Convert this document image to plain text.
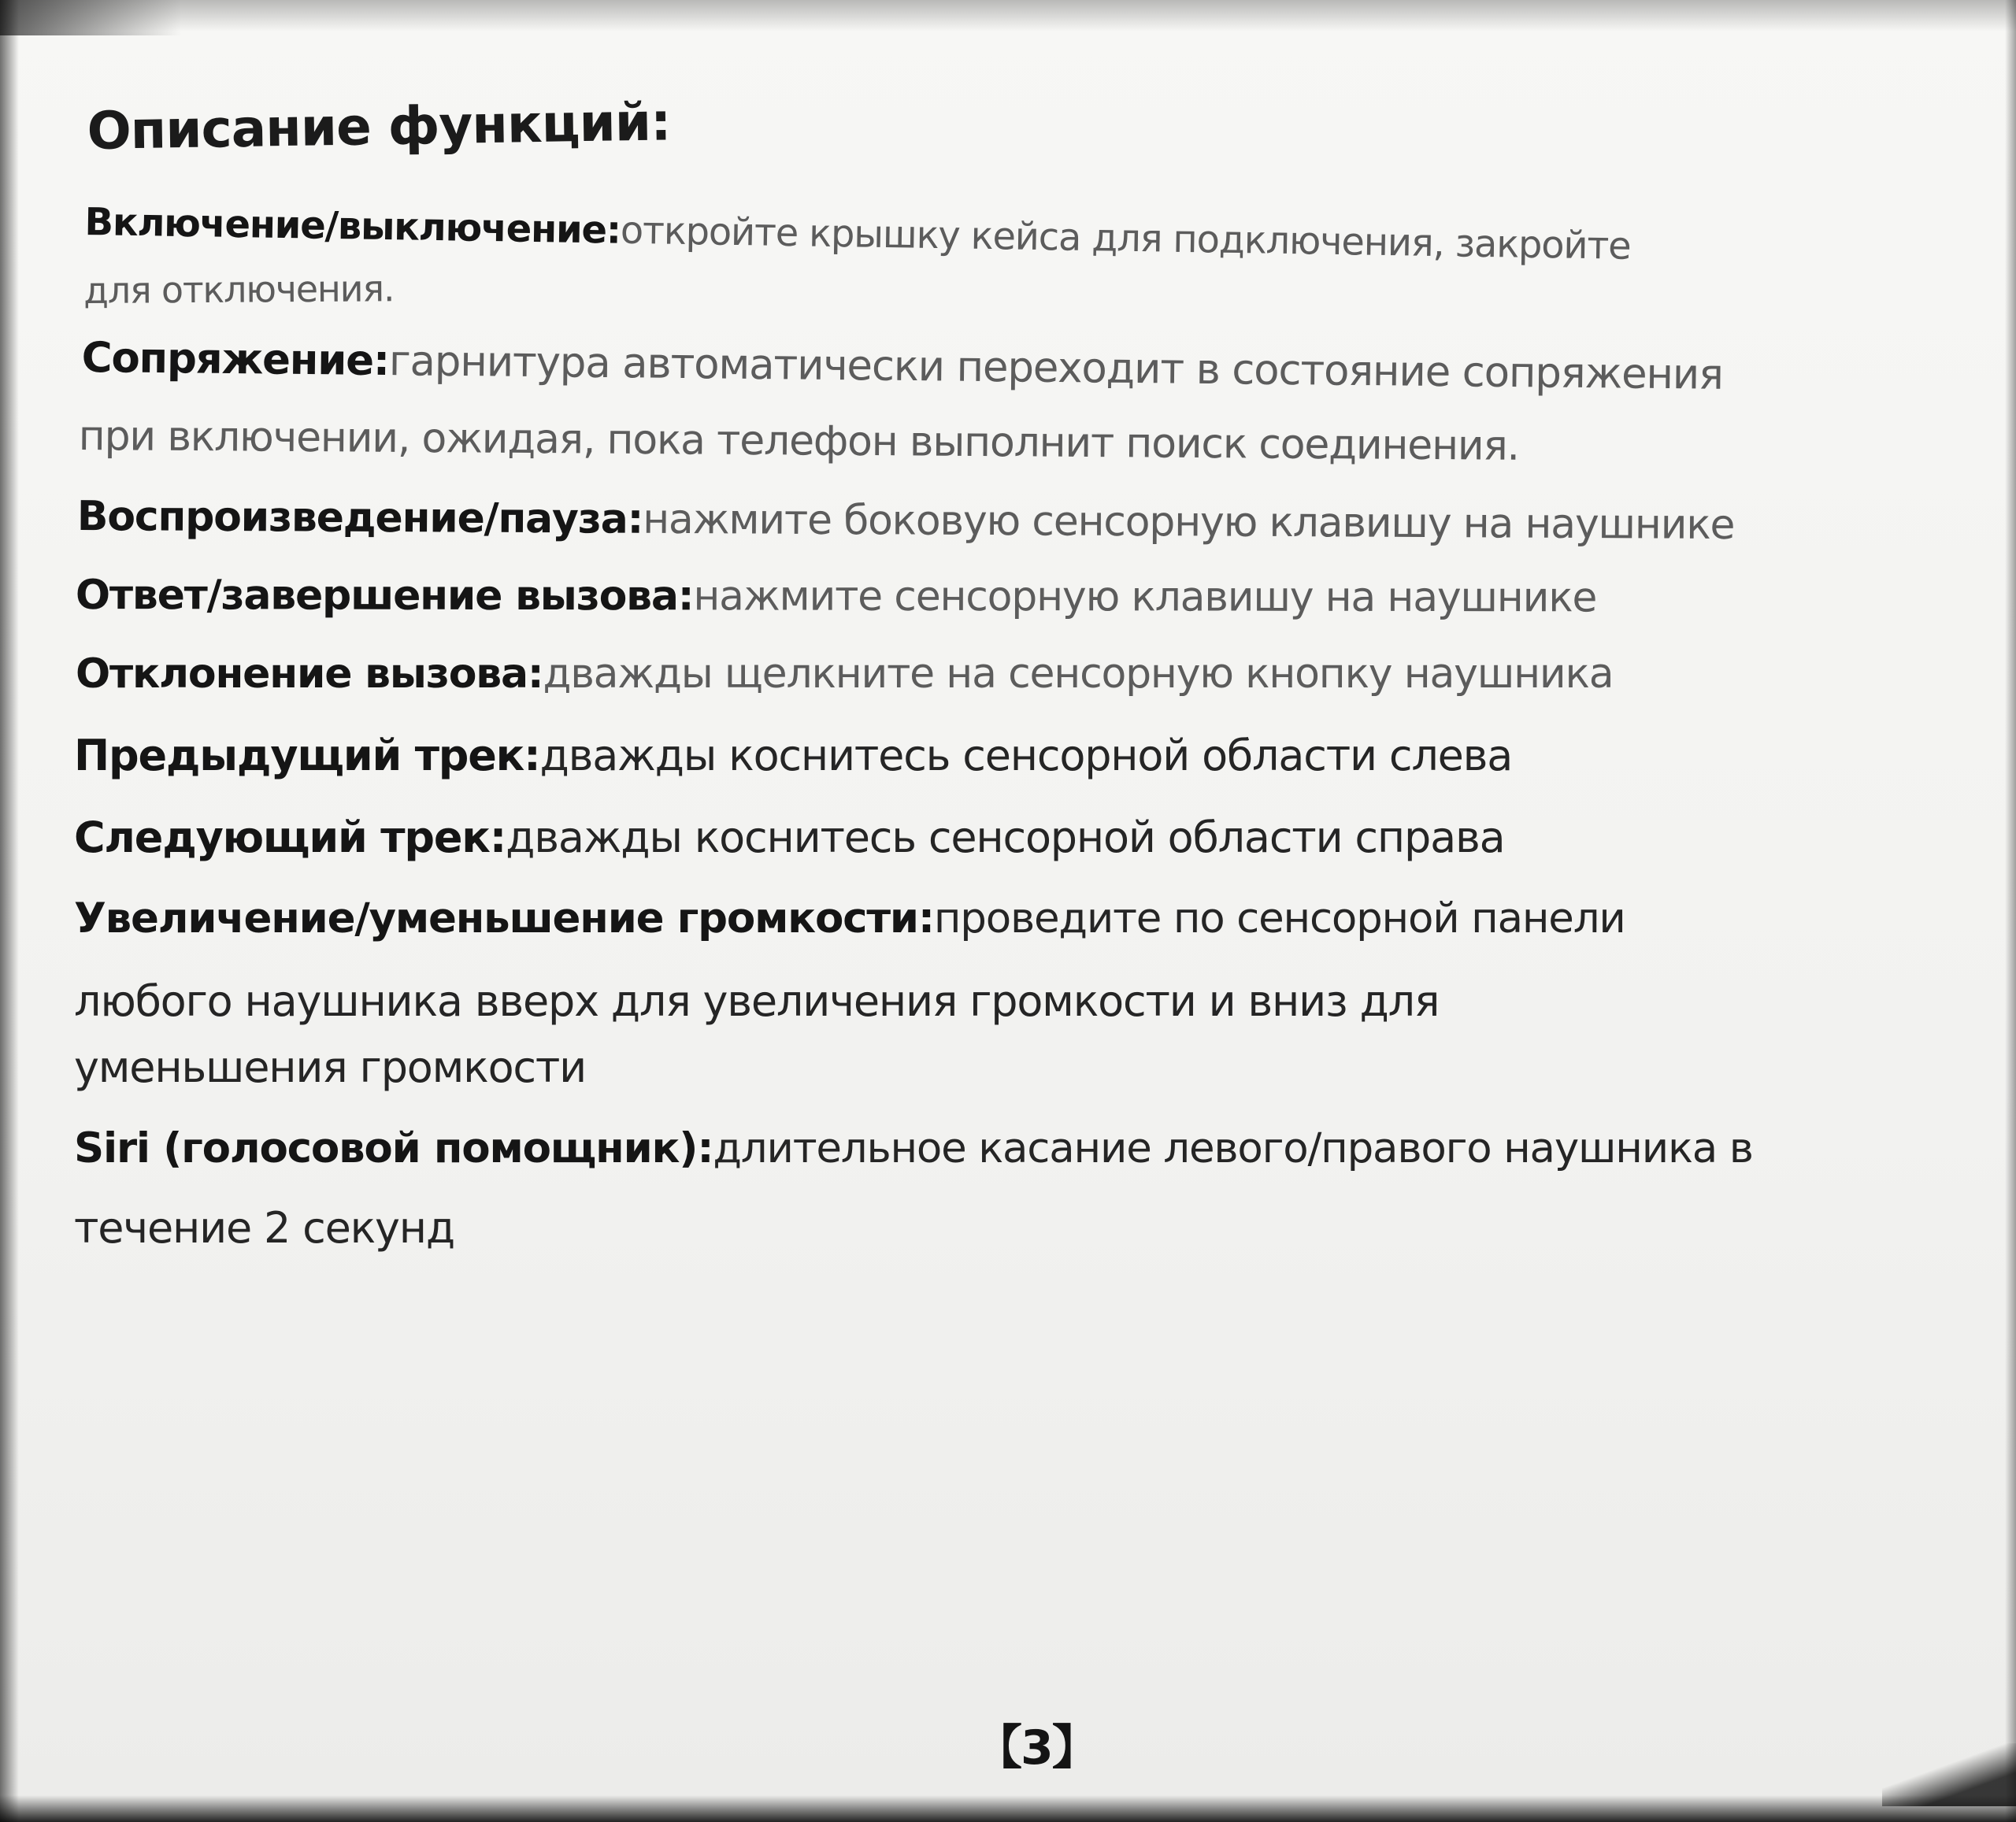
Описание функций:
Включение/выключение:откройте крышку кейса для подключения, закройте
для отключения.
Сопряжение:гарнитура автоматически переходит в состояние сопряжения
при включении, ожидая, пока телефон выполнит поиск соединения.
Воспроизведение/пауза:нажмите боковую сенсорную клавишу на наушнике
Ответ/завершение вызова:нажмите сенсорную клавишу на наушнике
Отклонение вызова:дважды щелкните на сенсорную кнопку наушника
Предыдущий трек:дважды коснитесь сенсорной области слева
Следующий трек:дважды коснитесь сенсорной области справа
Увеличение/уменьшение громкости:проведите по сенсорной панели
любого наушника вверх для увеличения громкости и вниз для
уменьшения громкости
Siri (голосовой помощник):длительное касание левого/правого наушника в
течение 2 секунд
【3】
